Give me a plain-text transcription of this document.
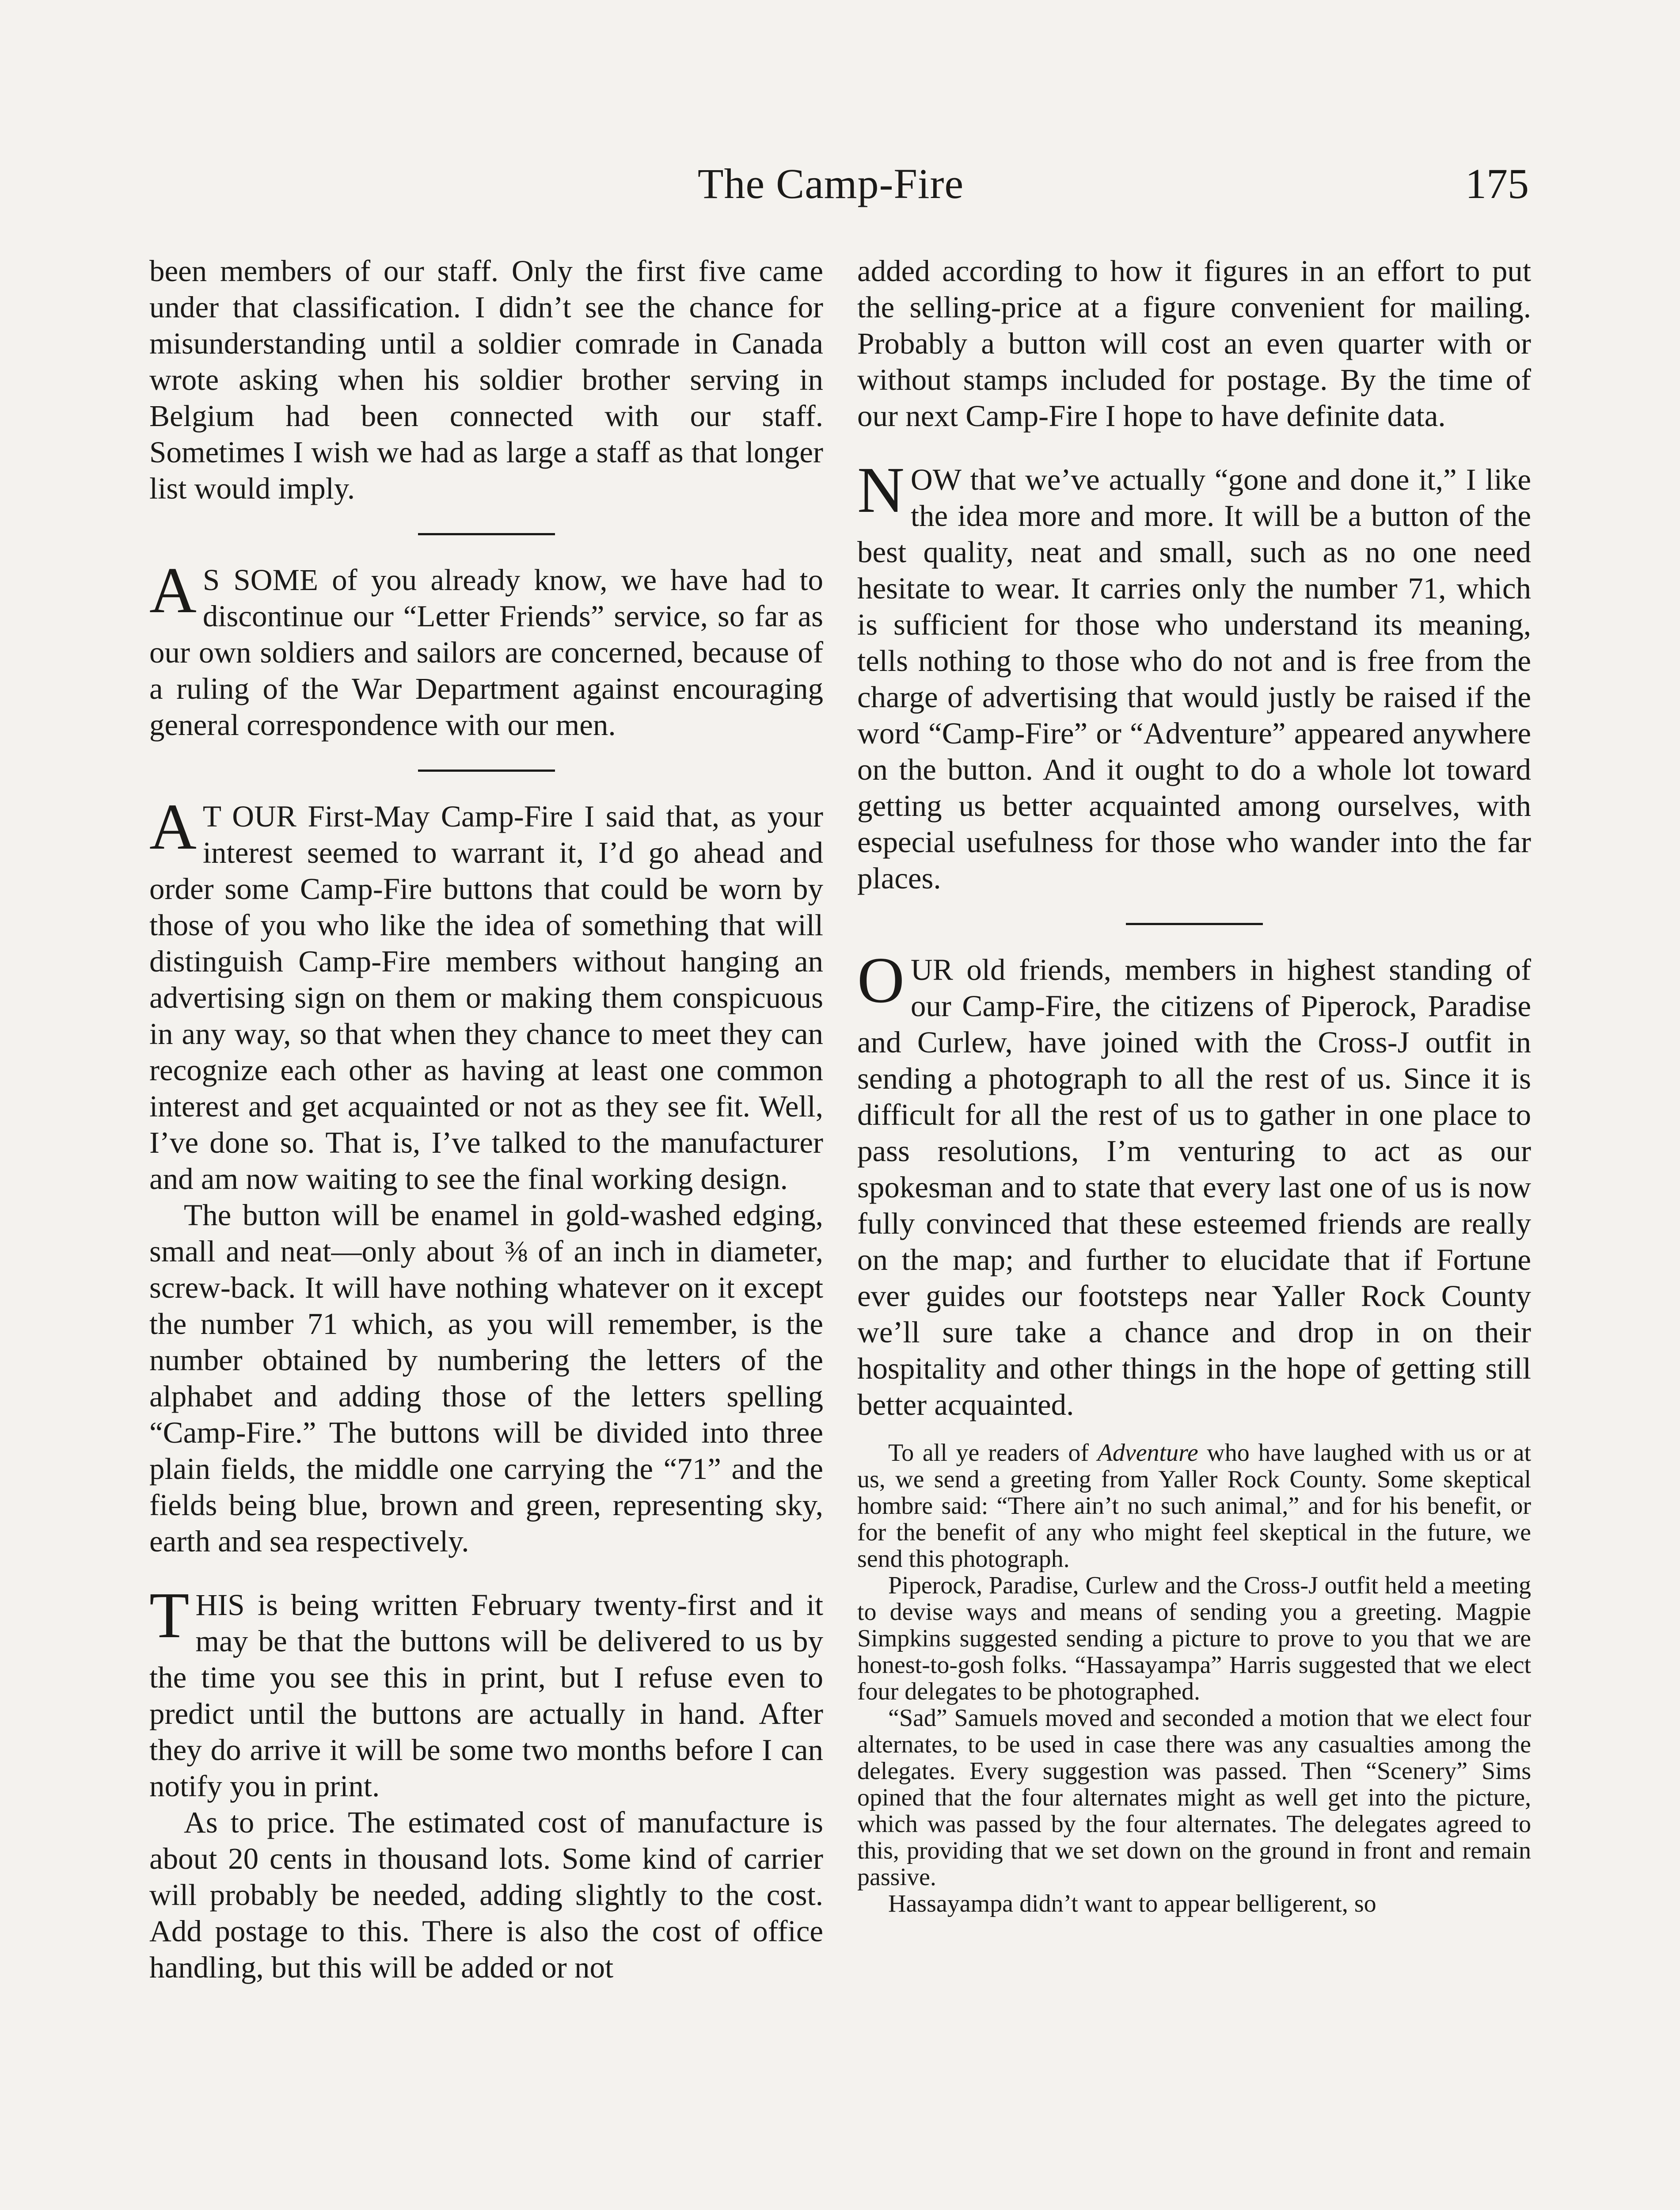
The Camp-Fire	175

been members of our staff. Only the first five came under that classification. I didn’t see the chance for misunderstanding until a soldier comrade in Canada wrote asking when his soldier brother serving in Belgium had been connected with our staff. Sometimes I wish we had as large a staff as that longer list would imply.

A S SOME of you already know, we have had to discontinue our “Letter Friends” service, so far as our own soldiers and sailors are concerned, because of a ruling of the War Department against encouraging general correspondence with our men.

A T OUR First-May Camp-Fire I said that, as your interest seemed to warrant it, I’d go ahead and order some Camp-Fire buttons that could be worn by those of you who like the idea of something that will distinguish Camp-Fire members without hanging an advertising sign on them or making them conspicuous in any way, so that when they chance to meet they can recognize each other as having at least one common interest and get acquainted or not as they see fit. Well, I’ve done so. That is, I’ve talked to the manufacturer and am now waiting to see the final working design.

The button will be enamel in gold-washed edging, small and neat—only about ⅜ of an inch in diameter, screw-back. It will have nothing whatever on it except the number 71 which, as you will remember, is the number obtained by numbering the letters of the alphabet and adding those of the letters spelling “Camp-Fire.” The buttons will be divided into three plain fields, the middle one carrying the “71” and the fields being blue, brown and green, representing sky, earth and sea respectively.

THIS is being written February twenty-first and it may be that the buttons will be delivered to us by the time you see this in print, but I refuse even to predict until the buttons are actually in hand. After they do arrive it will be some two months before I can notify you in print.

As to price. The estimated cost of manufacture is about 20 cents in thousand lots. Some kind of carrier will probably be needed, adding slightly to the cost. Add postage to this. There is also the cost of office handling, but this will be added or not

added according to how it figures in an effort to put the selling-price at a figure convenient for mailing. Probably a button will cost an even quarter with or without stamps included for postage. By the time of our next Camp-Fire I hope to have definite data.

NOW that we’ve actually “gone and done it,” I like the idea more and more. It will be a button of the best quality, neat and small, such as no one need hesitate to wear. It carries only the number 71, which is sufficient for those who understand its meaning, tells nothing to those who do not and is free from the charge of advertising that would justly be raised if the word “Camp-Fire” or “Adventure” appeared anywhere on the button. And it ought to do a whole lot toward getting us better acquainted among ourselves, with especial usefulness for those who wander into the far places.

OUR old friends, members in highest standing of our Camp-Fire, the citizens of Piperock, Paradise and Curlew, have joined with the Cross-J outfit in sending a photograph to all the rest of us. Since it is difficult for all the rest of us to gather in one place to pass resolutions, I’m venturing to act as our spokesman and to state that every last one of us is now fully convinced that these esteemed friends are really on the map; and further to elucidate that if Fortune ever guides our footsteps near Yaller Rock County we’ll sure take a chance and drop in on their hospitality and other things in the hope of getting still better acquainted.

To all ye readers of Adventure who have laughed with us or at us, we send a greeting from Yaller Rock County. Some skeptical hombre said: “There ain’t no such animal,” and for his benefit, or for the benefit of any who might feel skeptical in the future, we send this photograph.

Piperock, Paradise, Curlew and the Cross-J outfit held a meeting to devise ways and means of sending you a greeting. Magpie Simpkins suggested sending a picture to prove to you that we are honest-to-gosh folks. “Hassayampa” Harris suggested that we elect four delegates to be photographed.

“Sad” Samuels moved and seconded a motion that we elect four alternates, to be used in case there was any casualties among the delegates. Every suggestion was passed. Then “Scenery” Sims opined that the four alternates might as well get into the picture, which was passed by the four alternates. The delegates agreed to this, providing that we set down on the ground in front and remain passive.

Hassayampa didn’t want to appear belligerent, so
